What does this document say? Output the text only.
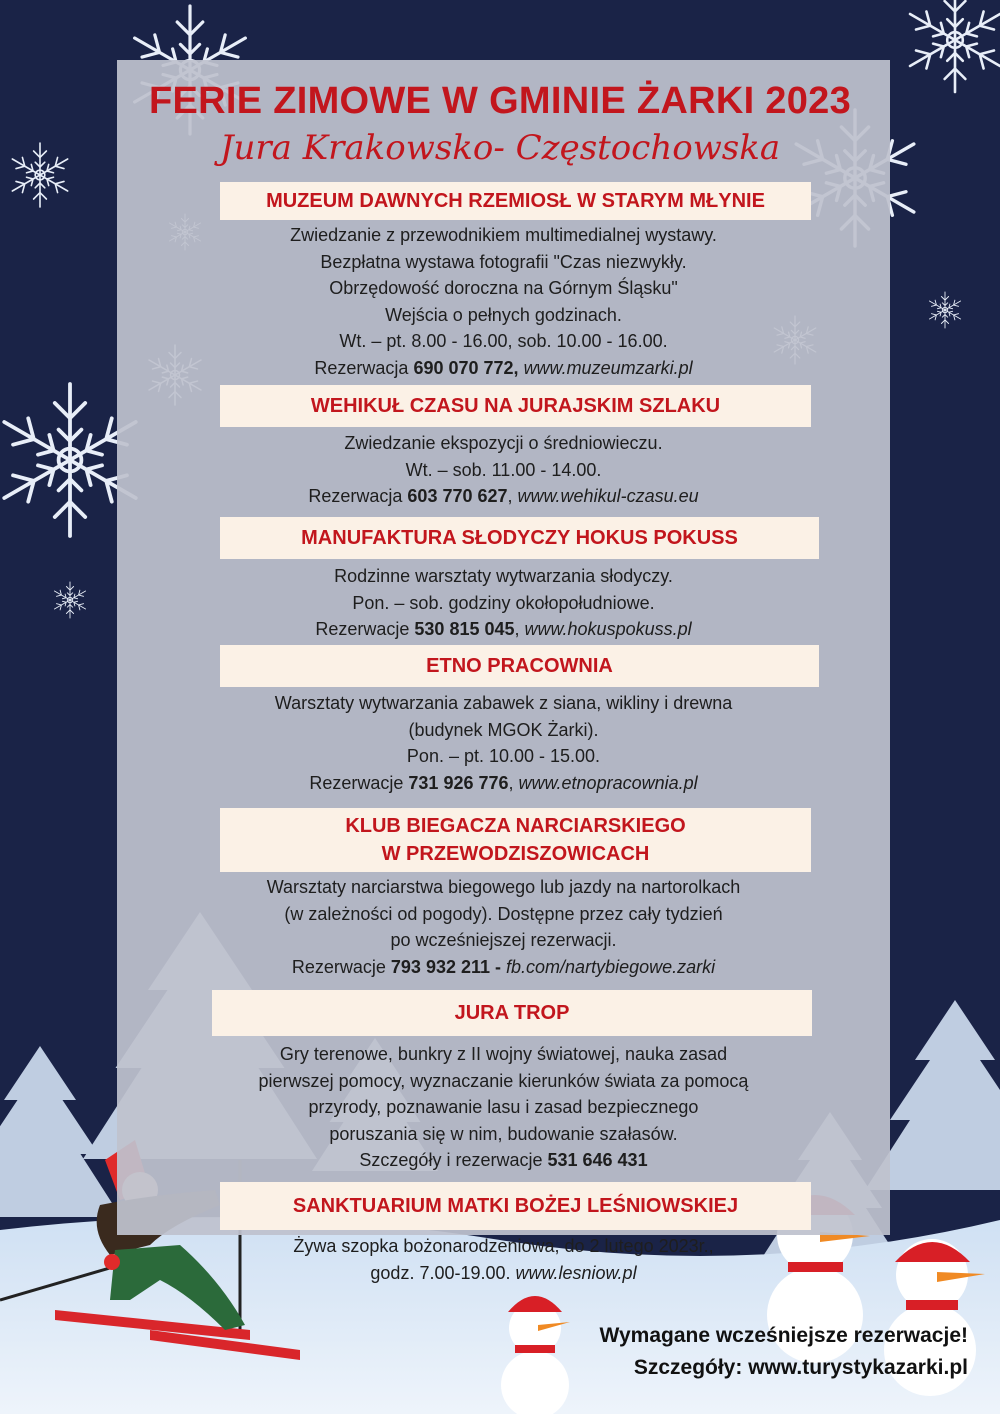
FERIE ZIMOWE W GMINIE ŻARKI 2023
Jura Krakowsko- Częstochowska
MUZEUM DAWNYCH RZEMIOSŁ W STARYM MŁYNIE
Zwiedzanie z przewodnikiem multimedialnej wystawy.
Bezpłatna wystawa fotografii "Czas niezwykły.
Obrzędowość doroczna na Górnym Śląsku"
Wejścia o pełnych godzinach.
Wt. – pt. 8.00 - 16.00, sob. 10.00 - 16.00.
Rezerwacja 690 070 772, www.muzeumzarki.pl
WEHIKUŁ CZASU NA JURAJSKIM SZLAKU
Zwiedzanie ekspozycji o średniowieczu.
Wt. – sob. 11.00 - 14.00.
Rezerwacja 603 770 627, www.wehikul-czasu.eu
MANUFAKTURA SŁODYCZY HOKUS POKUSS
Rodzinne warsztaty wytwarzania słodyczy.
Pon. – sob. godziny okołopołudniowe.
Rezerwacje 530 815 045, www.hokuspokuss.pl
ETNO PRACOWNIA
Warsztaty wytwarzania zabawek z siana, wikliny i drewna
(budynek MGOK Żarki).
Pon. – pt. 10.00 - 15.00.
Rezerwacje 731 926 776, www.etnopracownia.pl
KLUB BIEGACZA NARCIARSKIEGO
W PRZEWODZISZOWICACH
Warsztaty narciarstwa biegowego lub jazdy na nartorolkach
(w zależności od pogody). Dostępne przez cały tydzień
po wcześniejszej rezerwacji.
Rezerwacje 793 932 211 - fb.com/nartybiegowe.zarki
JURA TROP
Gry terenowe, bunkry z II wojny światowej, nauka zasad
pierwszej pomocy, wyznaczanie kierunków świata za pomocą
przyrody, poznawanie lasu i zasad bezpiecznego
poruszania się w nim, budowanie szałasów.
Szczegóły i rezerwacje 531 646 431
SANKTUARIUM MATKI BOŻEJ LEŚNIOWSKIEJ
Żywa szopka bożonarodzeniowa, do 2 lutego 2023r.,
godz. 7.00-19.00. www.lesniow.pl
Wymagane wcześniejsze rezerwacje!
Szczegóły: www.turystykazarki.pl
